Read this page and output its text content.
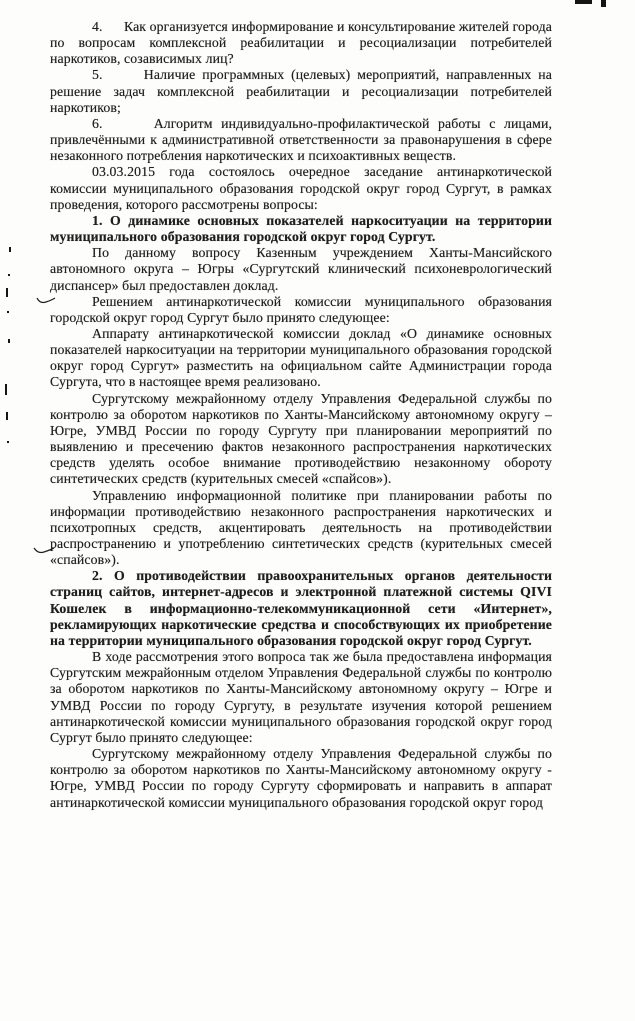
4.      Как организуется информирование и консультирование жителей города по вопросам комплексной реабилитации и ресоциализации потребителей наркотиков, созависимых лиц?

5.      Наличие программных (целевых) мероприятий, направленных на решение задач комплексной реабилитации и ресоциализации потребителей наркотиков;

6.      Алгоритм индивидуально-профилактической работы с лицами, привлечёнными к административной ответственности за правонарушения в сфере незаконного потребления наркотических и психоактивных веществ.

03.03.2015 года состоялось очередное заседание антинаркотической комиссии муниципального образования городской округ город Сургут, в рамках проведения, которого рассмотрены вопросы:

1. О динамике основных показателей наркоситуации на территории муниципального образования городской округ город Сургут.

По данному вопросу Казенным учреждением Ханты-Мансийского автономного округа – Югры «Сургутский клинический психоневрологический диспансер» был предоставлен доклад.

Решением антинаркотической комиссии муниципального образования городской округ город Сургут было принято следующее:

Аппарату антинаркотической комиссии доклад «О динамике основных показателей наркоситуации на территории муниципального образования городской округ город Сургут» разместить на официальном сайте Администрации города Сургута, что в настоящее время реализовано.

Сургутскому межрайонному отделу Управления Федеральной службы по контролю за оборотом наркотиков по Ханты-Мансийскому автономному округу – Югре, УМВД России по городу Сургуту при планировании мероприятий по выявлению и пресечению фактов незаконного распространения наркотических средств уделять особое внимание противодействию незаконному обороту синтетических средств (курительных смесей «спайсов»).

Управлению информационной политике при планировании работы по информации противодействию незаконного распространения наркотических и психотропных средств, акцентировать деятельность на противодействии распространению и употреблению синтетических средств (курительных смесей «спайсов»).

2. О противодействии правоохранительных органов деятельности страниц сайтов, интернет-адресов и электронной платежной системы QIVI Кошелек в информационно-телекоммуникационной сети «Интернет», рекламирующих наркотические средства и способствующих их приобретение на территории муниципального образования городской округ город Сургут.

В ходе рассмотрения этого вопроса так же была предоставлена информация Сургутским межрайонным отделом Управления Федеральной службы по контролю за оборотом наркотиков по Ханты-Мансийскому автономному округу – Югре и УМВД России по городу Сургуту, в результате изучения которой решением антинаркотической комиссии муниципального образования городской округ город Сургут было принято следующее:

Сургутскому межрайонному отделу Управления Федеральной службы по контролю за оборотом наркотиков по Ханты-Мансийскому автономному округу - Югре, УМВД России по городу Сургуту сформировать и направить в аппарат антинаркотической комиссии муниципального образования городской округ город
